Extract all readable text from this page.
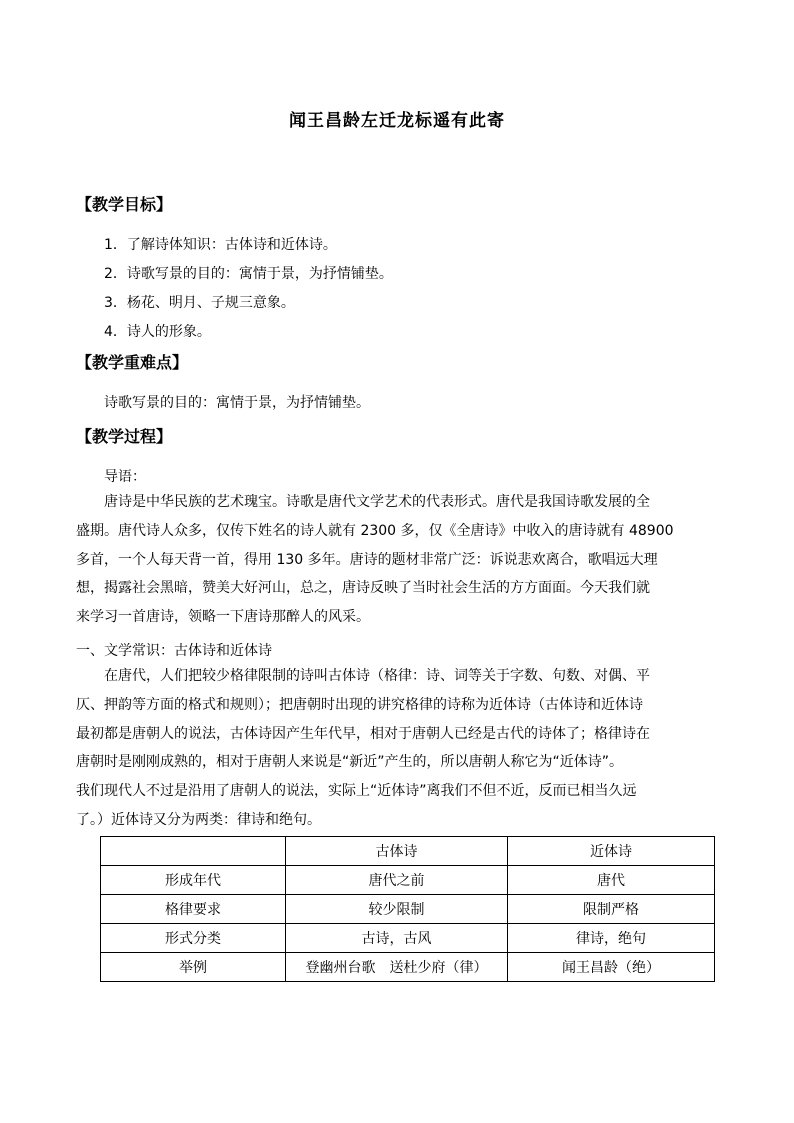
闻王昌龄左迁龙标遥有此寄
【教学目标】
1．了解诗体知识：古体诗和近体诗。
2．诗歌写景的目的：寓情于景，为抒情铺垫。
3．杨花、明月、子规三意象。
4．诗人的形象。
【教学重难点】
诗歌写景的目的：寓情于景，为抒情铺垫。
【教学过程】
导语：
唐诗是中华民族的艺术瑰宝。诗歌是唐代文学艺术的代表形式。唐代是我国诗歌发展的全
盛期。唐代诗人众多，仅传下姓名的诗人就有 2300 多，仅《全唐诗》中收入的唐诗就有 48900
多首，一个人每天背一首，得用 130 多年。唐诗的题材非常广泛：诉说悲欢离合，歌唱远大理
想，揭露社会黑暗，赞美大好河山，总之，唐诗反映了当时社会生活的方方面面。今天我们就
来学习一首唐诗，领略一下唐诗那醉人的风采。
一、文学常识：古体诗和近体诗
在唐代，人们把较少格律限制的诗叫古体诗（格律：诗、词等关于字数、句数、对偶、平
仄、押韵等方面的格式和规则）；把唐朝时出现的讲究格律的诗称为近体诗（古体诗和近体诗
最初都是唐朝人的说法，古体诗因产生年代早，相对于唐朝人已经是古代的诗体了；格律诗在
唐朝时是刚刚成熟的，相对于唐朝人来说是“新近”产生的，所以唐朝人称它为“近体诗”。
我们现代人不过是沿用了唐朝人的说法，实际上“近体诗”离我们不但不近，反而已相当久远
了。）近体诗又分为两类：律诗和绝句。
	古体诗	近体诗
形成年代	唐代之前	唐代
格律要求	较少限制	限制严格
形式分类	古诗，古风	律诗，绝句
举例	登幽州台歌　送杜少府（律）	闻王昌龄（绝）
